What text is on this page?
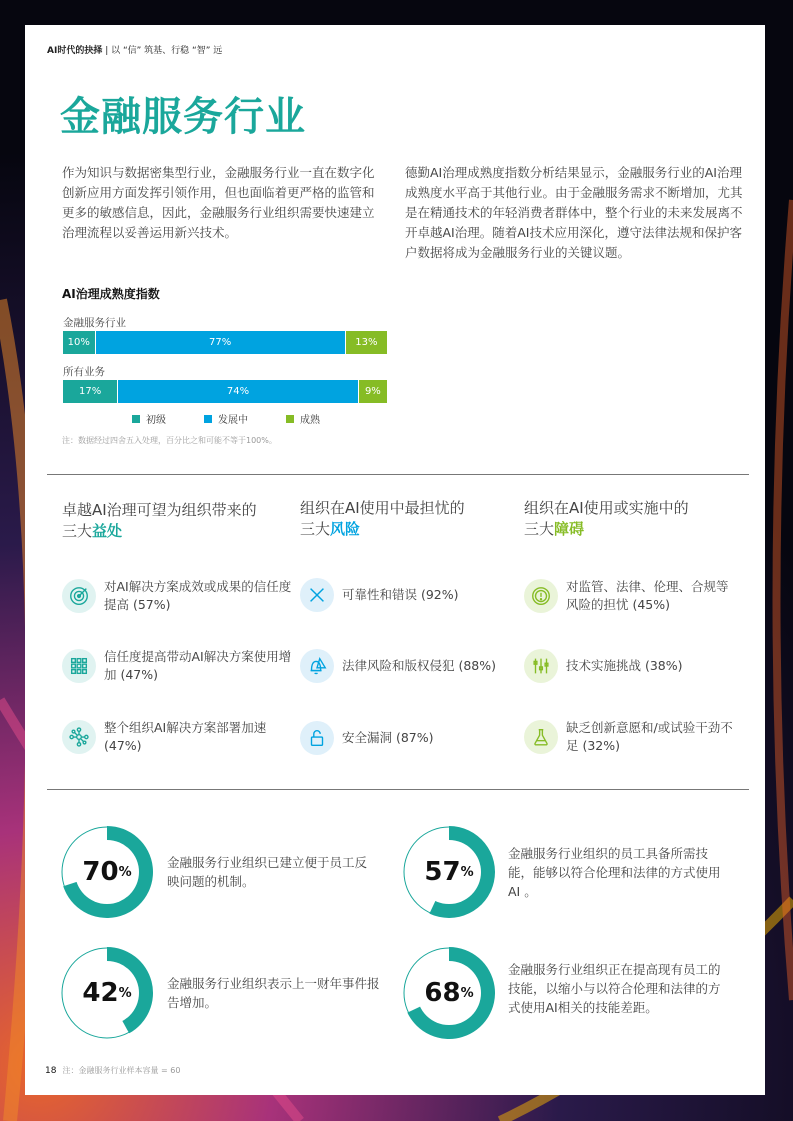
AI时代的抉择 | 以 “信” 筑基、行稳 “智” 远
金融服务行业

作为知识与数据密集型行业，金融服务行业一直在数字化创新应用方面发挥引领作用，但也面临着更严格的监管和更多的敏感信息，因此，金融服务行业组织需要快速建立治理流程以妥善运用新兴技术。

德勤AI治理成熟度指数分析结果显示，金融服务行业的AI治理成熟度水平高于其他行业。由于金融服务需求不断增加，尤其是在精通技术的年轻消费者群体中，整个行业的未来发展离不开卓越AI治理。随着AI技术应用深化，遵守法律法规和保护客户数据将成为金融服务行业的关键议题。

AI治理成熟度指数
金融服务行业
10%	77%	13%
所有业务
17%	74%	9%
初级	发展中	成熟
注：数据经过四舍五入处理，百分比之和可能不等于100%。
卓越AI治理可望为组织带来的
三大益处
组织在AI使用中最担忧的
三大风险
组织在AI使用或实施中的
三大障碍
对AI解决方案成效或成果的信任度提高 (57%)
信任度提高带动AI解决方案使用增加 (47%)
整个组织AI解决方案部署加速 (47%)
可靠性和错误 (92%)
法律风险和版权侵犯 (88%)
安全漏洞 (87%)
对监管、法律、伦理、合规等风险的担忧 (45%)
技术实施挑战 (38%)
缺乏创新意愿和/或试验干劲不足 (32%)
70 %
金融服务行业组织已建立便于员工反映问题的机制。	57 %
金融服务行业组织的员工具备所需技能，能够以符合伦理和法律的方式使用AI 。
42 %
金融服务行业组织表示上一财年事件报告增加。	68 %
金融服务行业组织正在提高现有员工的技能，以缩小与以符合伦理和法律的方式使用AI相关的技能差距。
18 注：金融服务行业样本容量 = 60
